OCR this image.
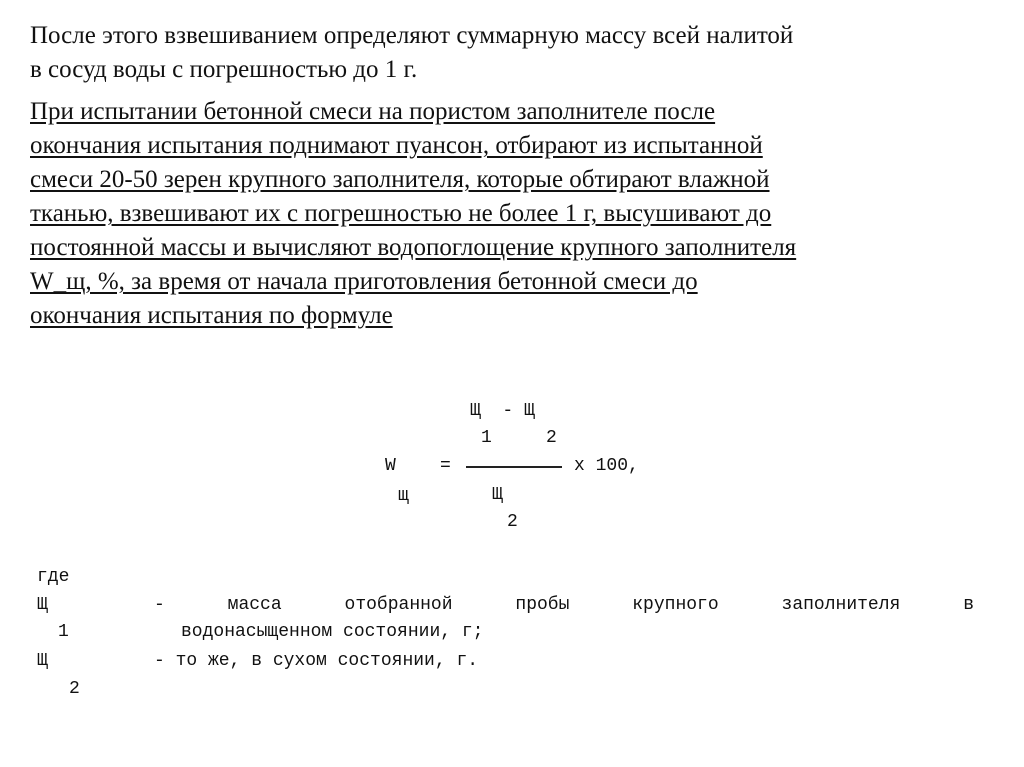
После этого взвешиванием определяют суммарную массу всей налитой
в сосуд воды с погрешностью до 1 г.
При испытании бетонной смеси на пористом заполнителе после
окончания испытания поднимают пуансон, отбирают из испытанной
смеси 20-50 зерен крупного заполнителя, которые обтирают влажной
тканью, взвешивают их с погрешностью не более 1 г, высушивают до
постоянной массы и вычисляют водопоглощение крупного заполнителя
W_щ, %, за время от начала приготовления бетонной смеси до
окончания испытания по формуле
Щ  - Щ
1	2
W =	x 100,
щ	Щ
2
где
Щ
1
-	масса	отобранной	пробы	крупного	заполнителя	в
водонасыщенном состоянии, г;
Щ	- то же, в сухом состоянии, г.
2
